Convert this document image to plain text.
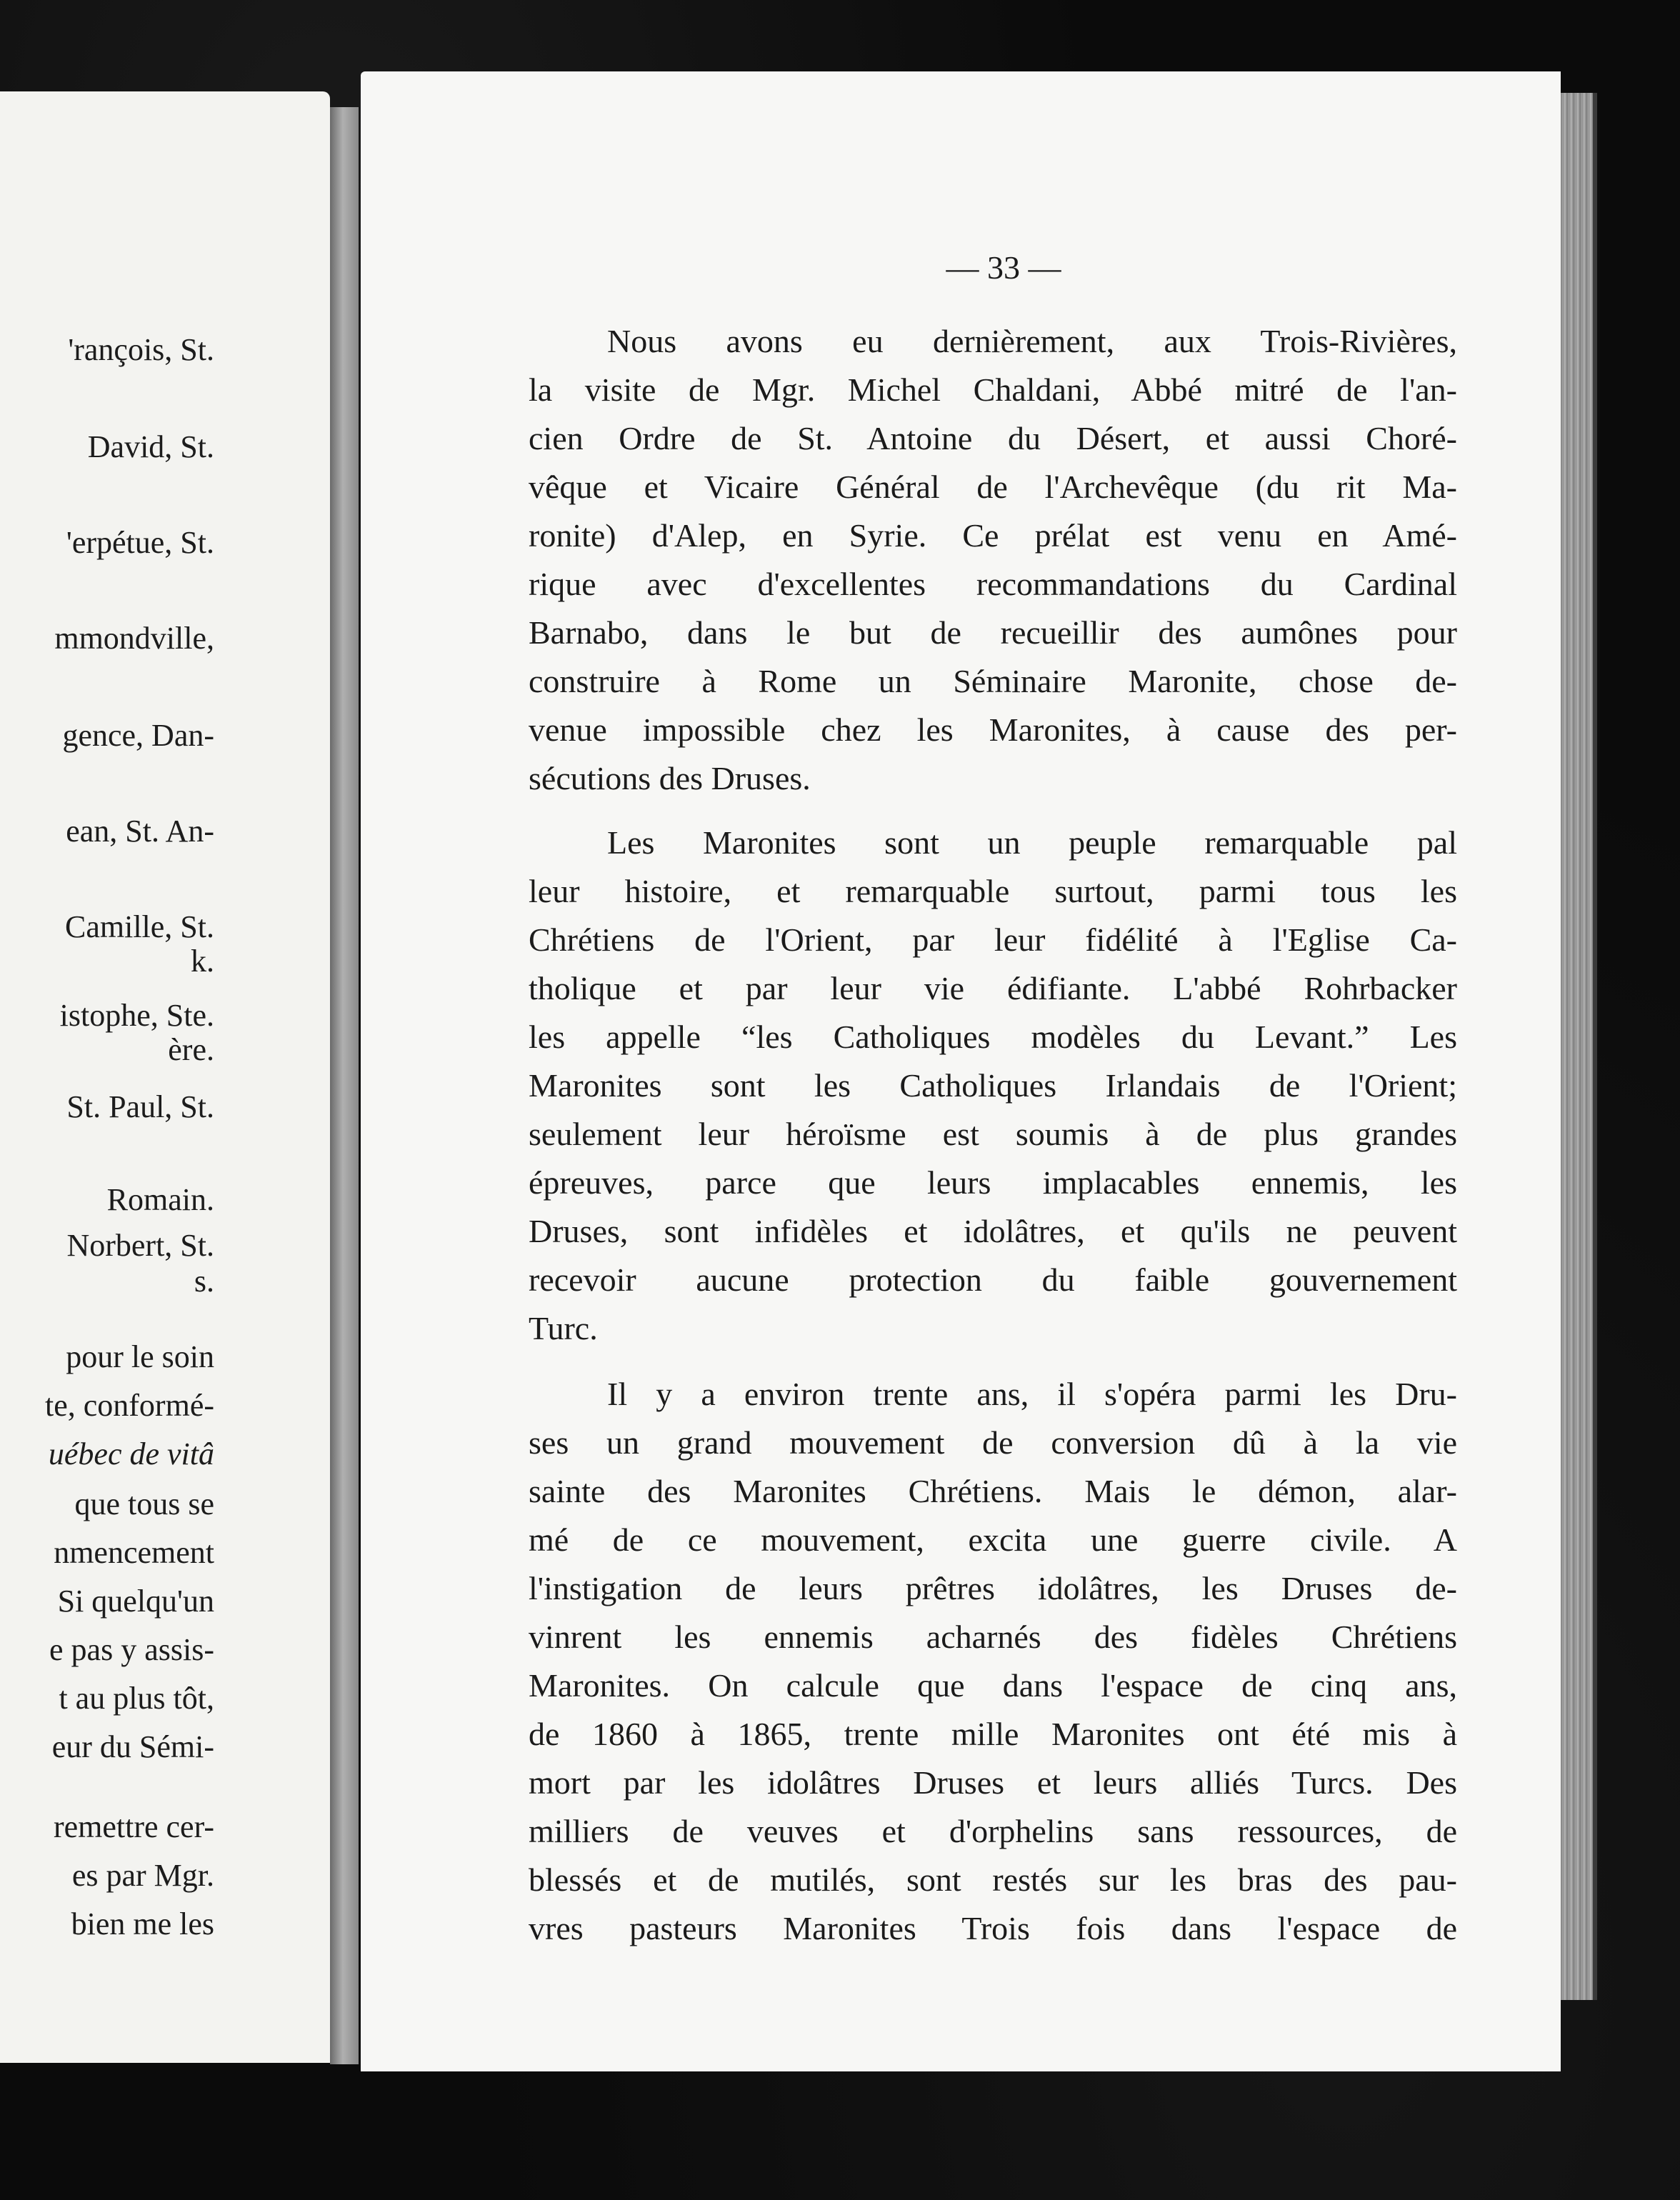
'rançois, St.
David, St.
'erpétue, St.
mmondville,
gence, Dan-
ean, St. An-
Camille, St.
k.
istophe, Ste.
ère.
St. Paul, St.
Romain.
Norbert, St.
s.
pour le soin
te, conformé-
uébec de vitâ
que tous se
nmencement
Si quelqu'un
e pas y assis-
t au plus tôt,
eur du Sémi-
remettre cer-
es par Mgr.
bien me les
— 33 —
Nous avons eu dernièrement, aux Trois-Rivières,
la visite de Mgr. Michel Chaldani, Abbé mitré de l'an-
cien Ordre de St. Antoine du Désert, et aussi Choré-
vêque et Vicaire Général de l'Archevêque (du rit Ma-
ronite) d'Alep, en Syrie. Ce prélat est venu en Amé-
rique avec d'excellentes recommandations du Cardinal
Barnabo, dans le but de recueillir des aumônes pour
construire à Rome un Séminaire Maronite, chose de-
venue impossible chez les Maronites, à cause des per-
sécutions des Druses.
Les Maronites sont un peuple remarquable pal
leur histoire, et remarquable surtout, parmi tous les
Chrétiens de l'Orient, par leur fidélité à l'Eglise Ca-
tholique et par leur vie édifiante. L'abbé Rohrbacker
les appelle “les Catholiques modèles du Levant.” Les
Maronites sont les Catholiques Irlandais de l'Orient;
seulement leur héroïsme est soumis à de plus grandes
épreuves, parce que leurs implacables ennemis, les
Druses, sont infidèles et idolâtres, et qu'ils ne peuvent
recevoir aucune protection du faible gouvernement
Turc.
Il y a environ trente ans, il s'opéra parmi les Dru-
ses un grand mouvement de conversion dû à la vie
sainte des Maronites Chrétiens. Mais le démon, alar-
mé de ce mouvement, excita une guerre civile. A
l'instigation de leurs prêtres idolâtres, les Druses de-
vinrent les ennemis acharnés des fidèles Chrétiens
Maronites. On calcule que dans l'espace de cinq ans,
de 1860 à 1865, trente mille Maronites ont été mis à
mort par les idolâtres Druses et leurs alliés Turcs. Des
milliers de veuves et d'orphelins sans ressources, de
blessés et de mutilés, sont restés sur les bras des pau-
vres pasteurs Maronites Trois fois dans l'espace de
